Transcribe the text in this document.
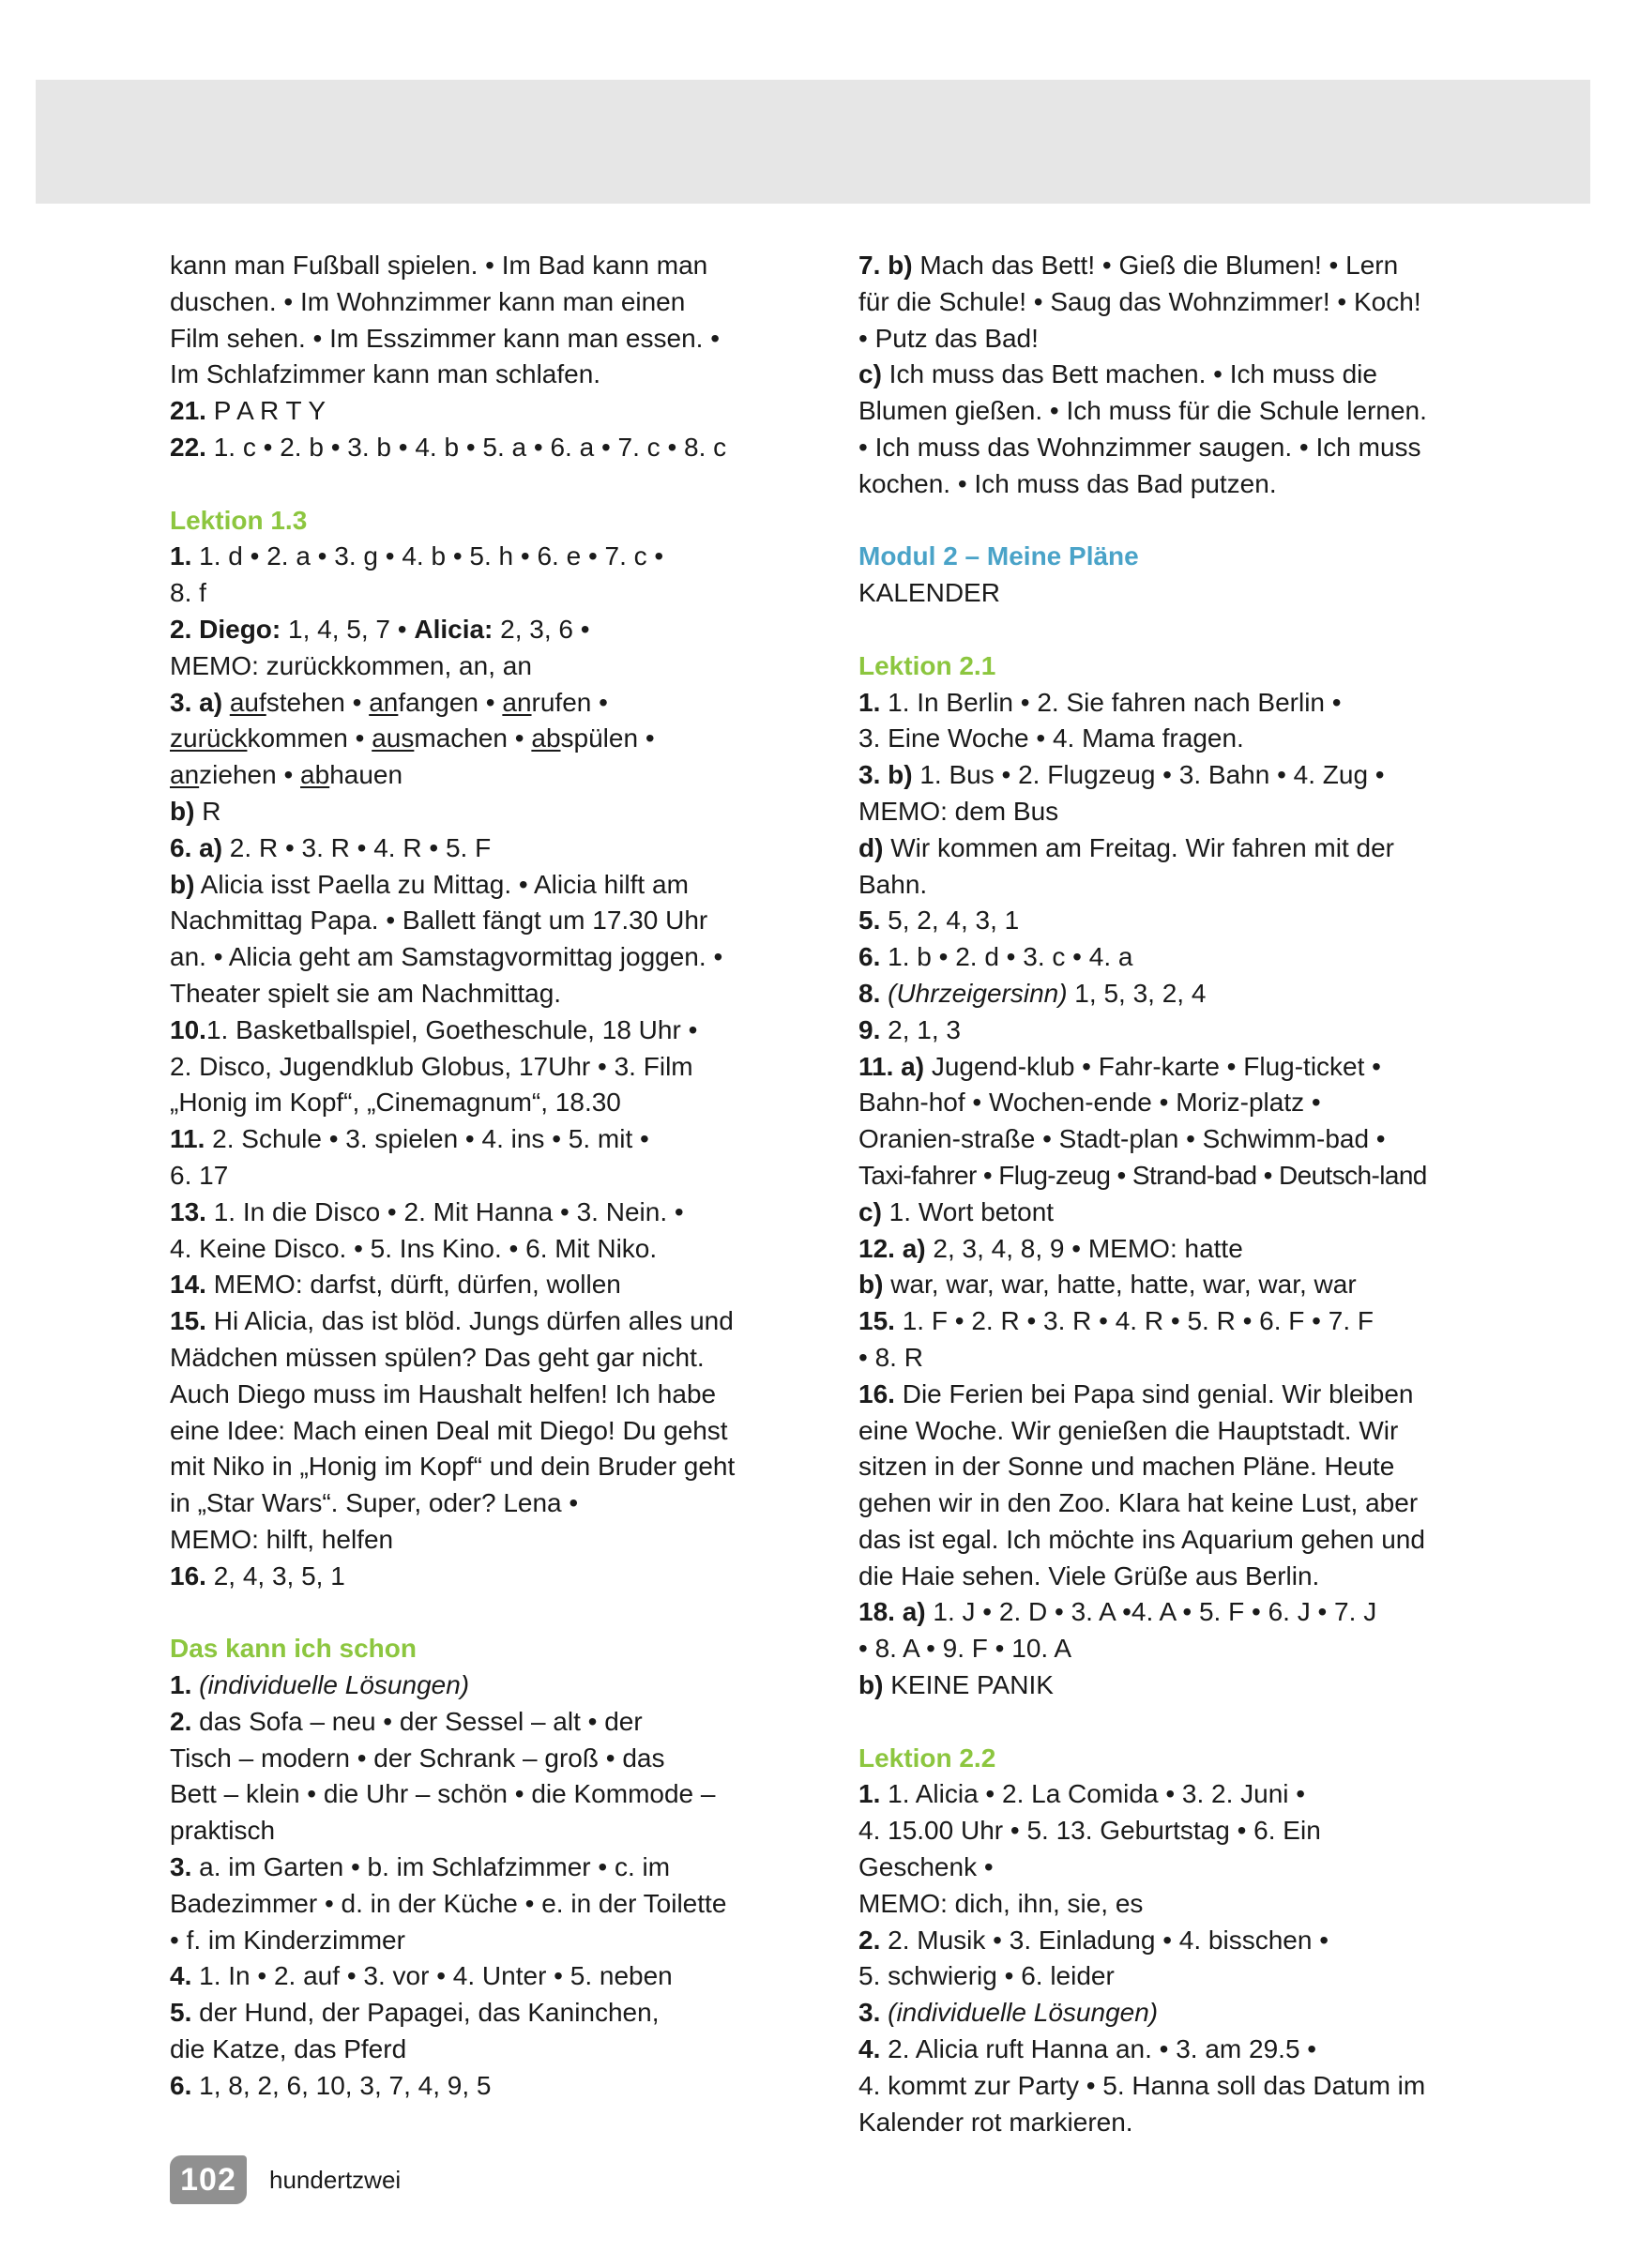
kann man Fußball spielen. • Im Bad kann man
duschen. • Im Wohnzimmer kann man einen
Film sehen. • Im Esszimmer kann man essen. •
Im Schlafzimmer kann man schlafen.
21. P A R T Y
22. 1. c • 2. b • 3. b • 4. b • 5. a • 6. a • 7. c • 8. c
Lektion 1.3
1. 1. d • 2. a • 3. g • 4. b • 5. h • 6. e • 7. c •
8. f
2. Diego: 1, 4, 5, 7 • Alicia: 2, 3, 6 •
MEMO: zurückkommen, an, an
3. a) aufstehen • anfangen • anrufen •
zurückkommen • ausmachen • abspülen •
anziehen • abhauen
b) R
6. a) 2. R • 3. R • 4. R • 5. F
b) Alicia isst Paella zu Mittag. • Alicia hilft am
Nachmittag Papa. • Ballett fängt um 17.30 Uhr
an. • Alicia geht am Samstagvormittag joggen. •
Theater spielt sie am Nachmittag.
10.1. Basketballspiel, Goetheschule, 18 Uhr •
2. Disco, Jugendklub Globus, 17Uhr • 3. Film
„Honig im Kopf“, „Cinemagnum“, 18.30
11. 2. Schule • 3. spielen • 4. ins • 5. mit •
6. 17
13. 1. In die Disco • 2. Mit Hanna • 3. Nein. •
4. Keine Disco. • 5. Ins Kino. • 6. Mit Niko.
14. MEMO: darfst, dürft, dürfen, wollen
15. Hi Alicia, das ist blöd. Jungs dürfen alles und
Mädchen müssen spülen? Das geht gar nicht.
Auch Diego muss im Haushalt helfen! Ich habe
eine Idee: Mach einen Deal mit Diego! Du gehst
mit Niko in „Honig im Kopf“ und dein Bruder geht
in „Star Wars“. Super, oder? Lena •
MEMO: hilft, helfen
16. 2, 4, 3, 5, 1
Das kann ich schon
1. (individuelle Lösungen)
2. das Sofa – neu • der Sessel – alt • der
Tisch – modern • der Schrank – groß • das
Bett – klein • die Uhr – schön • die Kommode –
praktisch
3. a. im Garten • b. im Schlafzimmer • c. im
Badezimmer • d. in der Küche • e. in der Toilette
• f. im Kinderzimmer
4. 1. In • 2. auf • 3. vor • 4. Unter • 5. neben
5. der Hund, der Papagei, das Kaninchen,
die Katze, das Pferd
6. 1, 8, 2, 6, 10, 3, 7, 4, 9, 5
7. b) Mach das Bett! • Gieß die Blumen! • Lern
für die Schule! • Saug das Wohnzimmer! • Koch!
• Putz das Bad!
c) Ich muss das Bett machen. • Ich muss die
Blumen gießen. • Ich muss für die Schule lernen.
• Ich muss das Wohnzimmer saugen. • Ich muss
kochen. • Ich muss das Bad putzen.
Modul 2 – Meine Pläne
KALENDER
Lektion 2.1
1. 1. In Berlin • 2. Sie fahren nach Berlin •
3. Eine Woche • 4. Mama fragen.
3. b) 1. Bus • 2. Flugzeug • 3. Bahn • 4. Zug •
MEMO: dem Bus
d) Wir kommen am Freitag. Wir fahren mit der
Bahn.
5. 5, 2, 4, 3, 1
6. 1. b • 2. d • 3. c • 4. a
8. (Uhrzeigersinn) 1, 5, 3, 2, 4
9. 2, 1, 3
11. a) Jugend-klub • Fahr-karte • Flug-ticket •
Bahn-hof • Wochen-ende • Moriz-platz •
Oranien-straße • Stadt-plan • Schwimm-bad •
Taxi-fahrer • Flug-zeug • Strand-bad • Deutsch-land
c) 1. Wort betont
12. a) 2, 3, 4, 8, 9 • MEMO: hatte
b) war, war, war, hatte, hatte, war, war, war
15. 1. F • 2. R • 3. R • 4. R • 5. R • 6. F • 7. F
• 8. R
16. Die Ferien bei Papa sind genial. Wir bleiben
eine Woche. Wir genießen die Hauptstadt. Wir
sitzen in der Sonne und machen Pläne. Heute
gehen wir in den Zoo. Klara hat keine Lust, aber
das ist egal. Ich möchte ins Aquarium gehen und
die Haie sehen. Viele Grüße aus Berlin.
18. a) 1. J • 2. D • 3. A •4. A • 5. F • 6. J • 7. J
• 8. A • 9. F • 10. A
b) KEINE PANIK
Lektion 2.2
1. 1. Alicia • 2. La Comida • 3. 2. Juni •
4. 15.00 Uhr • 5. 13. Geburtstag • 6. Ein
Geschenk •
MEMO: dich, ihn, sie, es
2. 2. Musik • 3. Einladung • 4. bisschen •
5. schwierig • 6. leider
3. (individuelle Lösungen)
4. 2. Alicia ruft Hanna an. • 3. am 29.5 •
4. kommt zur Party • 5. Hanna soll das Datum im
Kalender rot markieren.
102	hundertzwei
